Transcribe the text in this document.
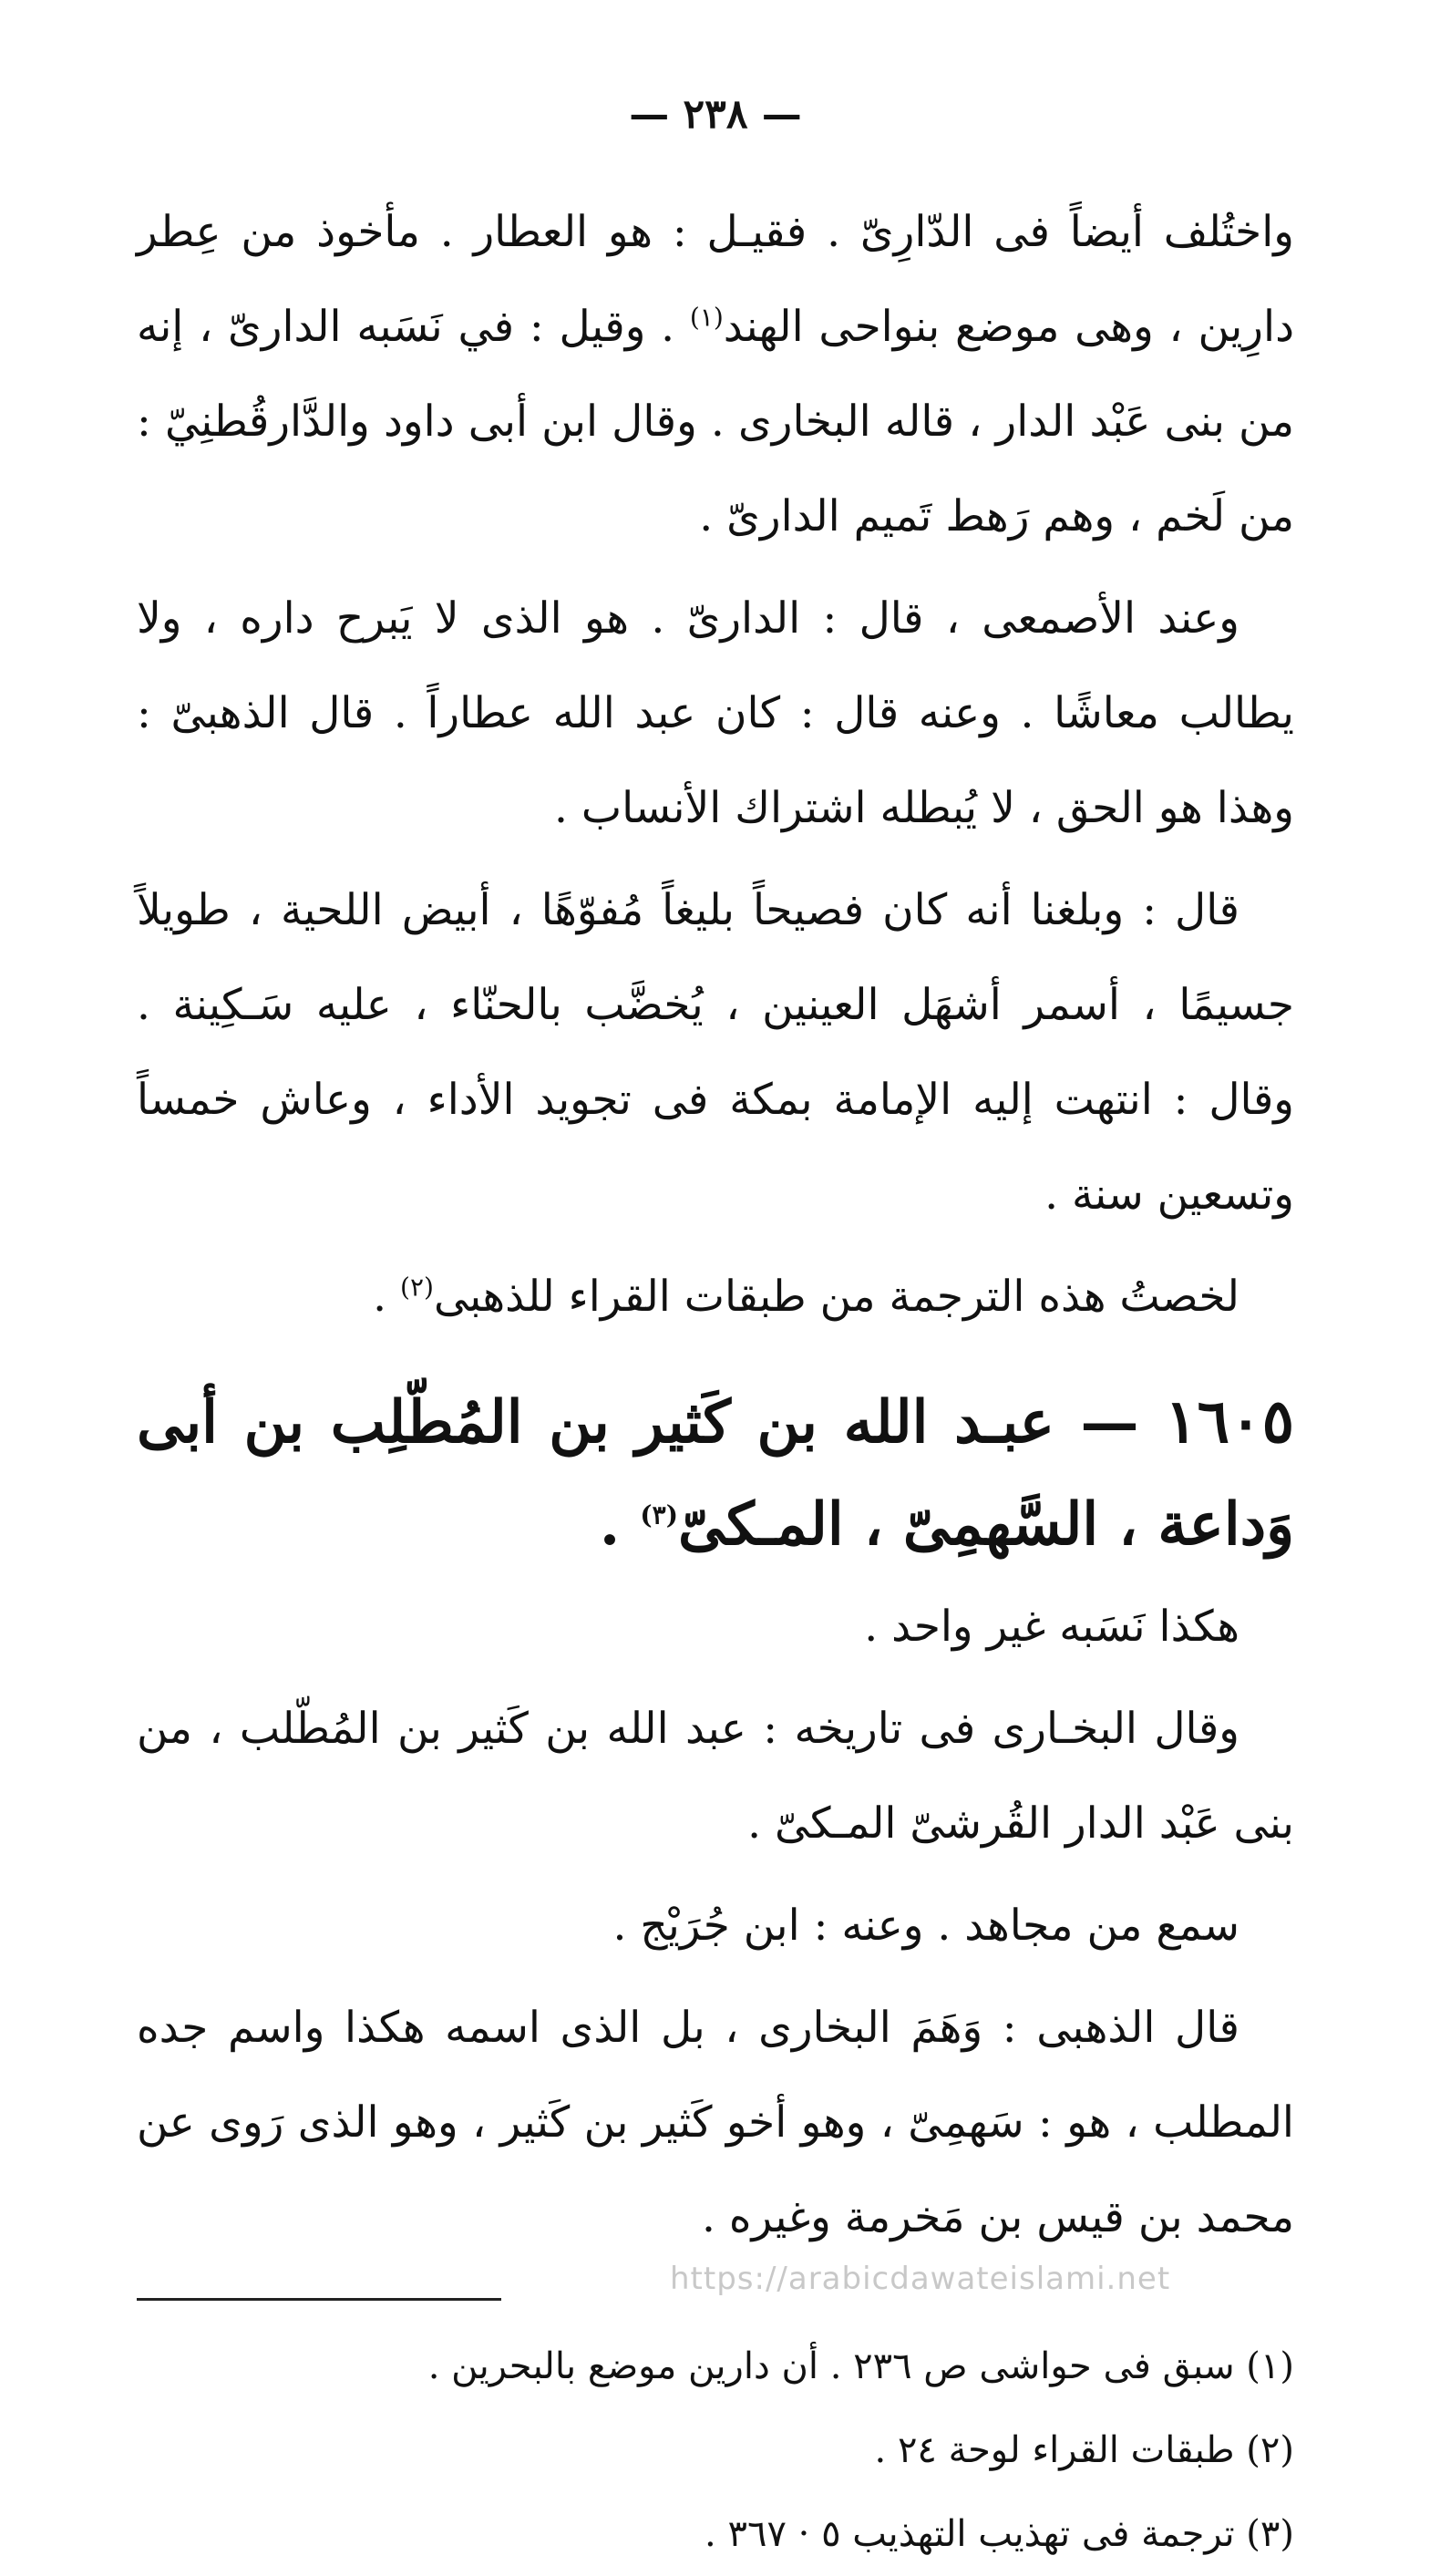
— ٢٣٨ —

واختُلف أيضاً فى الدّارِىّ . فقيـل : هو العطار . مأخوذ من عِطر دارِين ، وهى موضع بنواحى الهند$^{(١)}$ . وقيل : في نَسَبه الدارىّ ، إنه من بنى عَبْد الدار ، قاله البخارى . وقال ابن أبى داود والدَّارقُطنِيّ : من لَخم ، وهم رَهط تَميم الدارىّ .

وعند الأصمعى ، قال : الدارىّ . هو الذى لا يَبرح داره ، ولا يطالب معاشًا . وعنه قال : كان عبد الله عطاراً . قال الذهبىّ : وهذا هو الحق ، لا يُبطله اشتراك الأنساب .

قال : وبلغنا أنه كان فصيحاً بليغاً مُفوّهًا ، أبيض اللحية ، طويلاً جسيمًا ، أسمر أشهَل العينين ، يُخضَّب بالحنّاء ، عليه سَـكِينة . وقال : انتهت إليه الإمامة بمكة فى تجويد الأداء ، وعاش خمساً وتسعين سنة .

لخصتُ هذه الترجمة من طبقات القراء للذهبى$^{(٢)}$ .

١٦٠٥ — عبـد الله بن كَثير بن المُطّلِب بن أبى وَداعة ، السَّهمِىّ ، المـكىّ$^{(٣)}$ .

هكذا نَسَبه غير واحد .

وقال البخـارى فى تاريخه : عبد الله بن كَثير بن المُطّلب ، من بنى عَبْد الدار القُرشىّ المـكىّ .

سمع من مجاهد . وعنه : ابن جُرَيْج .

قال الذهبى : وَهَمَ البخارى ، بل الذى اسمه هكذا واسم جده المطلب ، هو : سَهمِىّ ، وهو أخو كَثير بن كَثير ، وهو الذى رَوى عن محمد بن قيس بن مَخرمة وغيره .

(١) سبق فى حواشى ص ٢٣٦ . أن دارين موضع بالبحرين .

(٢) طبقات القراء لوحة ٢٤ .

(٣) ترجمة فى تهذيب التهذيب ٥ · ٣٦٧ .

https://arabicdawateislami.net
